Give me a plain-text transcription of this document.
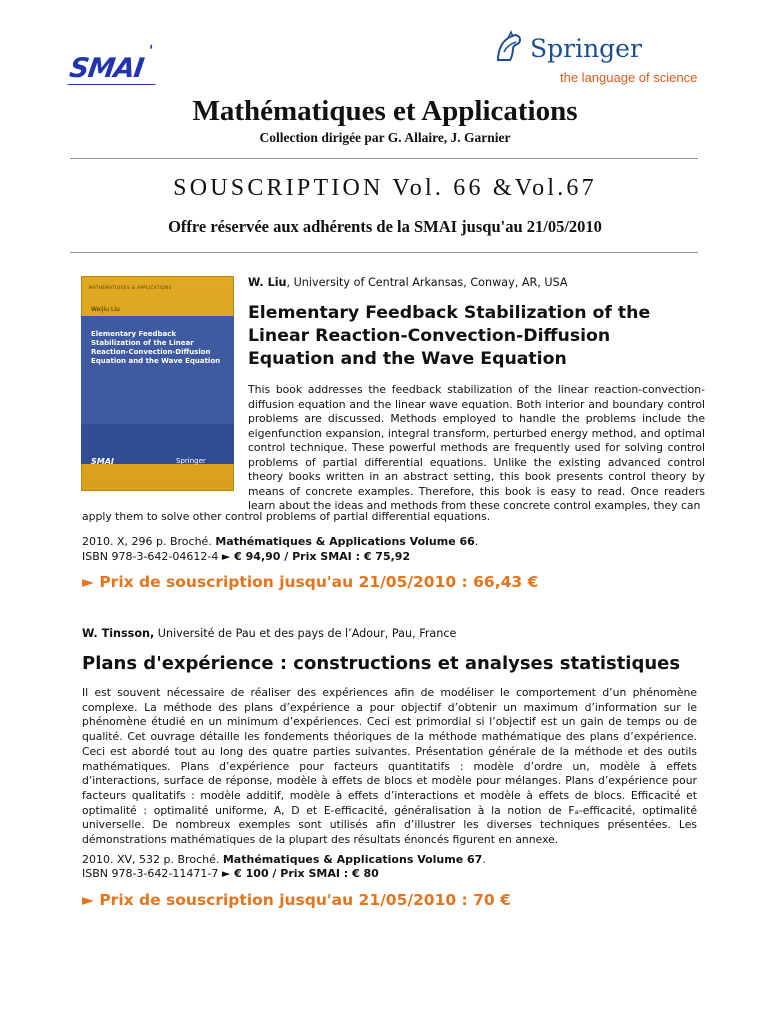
SMAI'	Springer
the language of science
Mathématiques et Applications
Collection dirigée par G. Allaire, J. Garnier
SOUSCRIPTION Vol. 66 &Vol.67
Offre réservée aux adhérents de la SMAI jusqu'au 21/05/2010
MATHÉMATIQUES & APPLICATIONS
Weijiu Liu
Elementary Feedback Stabilization of the Linear Reaction-Convection-Diffusion Equation and the Wave Equation
SMAI	Springer
W. Liu, University of Central Arkansas, Conway, AR, USA
Elementary Feedback Stabilization of the Linear Reaction-Convection-Diffusion Equation and the Wave Equation
This book addresses the feedback stabilization of the linear reaction-convection-diffusion equation and the linear wave equation. Both interior and boundary control problems are discussed. Methods employed to handle the problems include the eigenfunction expansion, integral transform, perturbed energy method, and optimal control technique. These powerful methods are frequently used for solving control problems of partial differential equations. Unlike the existing advanced control theory books written in an abstract setting, this book presents control theory by means of concrete examples. Therefore, this book is easy to read. Once readers learn about the ideas and methods from these concrete control examples, they can
apply them to solve other control problems of partial differential equations.
2010. X, 296 p. Broché. Mathématiques & Applications Volume 66.
ISBN 978-3-642-04612-4 ► € 94,90 / Prix SMAI : € 75,92
► Prix de souscription jusqu'au 21/05/2010 : 66,43 €
W. Tinsson, Université de Pau et des pays de l’Adour, Pau, France
Plans d'expérience : constructions et analyses statistiques
Il est souvent nécessaire de réaliser des expériences afin de modéliser le comportement d’un phénomène complexe. La méthode des plans d’expérience a pour objectif d’obtenir un maximum d’information sur le phénomène étudié en un minimum d’expériences. Ceci est primordial si l’objectif est un gain de temps ou de qualité. Cet ouvrage détaille les fondements théoriques de la méthode mathématique des plans d’expérience. Ceci est abordé tout au long des quatre parties suivantes. Présentation générale de la méthode et des outils mathématiques. Plans d’expérience pour facteurs quantitatifs : modèle d’ordre un, modèle à effets d’interactions, surface de réponse, modèle à effets de blocs et modèle pour mélanges. Plans d’expérience pour facteurs qualitatifs : modèle additif, modèle à effets d’interactions et modèle à effets de blocs. Efficacité et optimalité : optimalité uniforme, A, D et E-efficacité, généralisation à la notion de Fₐ-efficacité, optimalité universelle. De nombreux exemples sont utilisés afin d’illustrer les diverses techniques présentées. Les démonstrations mathématiques de la plupart des résultats énoncés figurent en annexe.
2010. XV, 532 p. Broché. Mathématiques & Applications Volume 67.
ISBN 978-3-642-11471-7 ► € 100 / Prix SMAI : € 80
► Prix de souscription jusqu'au 21/05/2010 : 70 €
